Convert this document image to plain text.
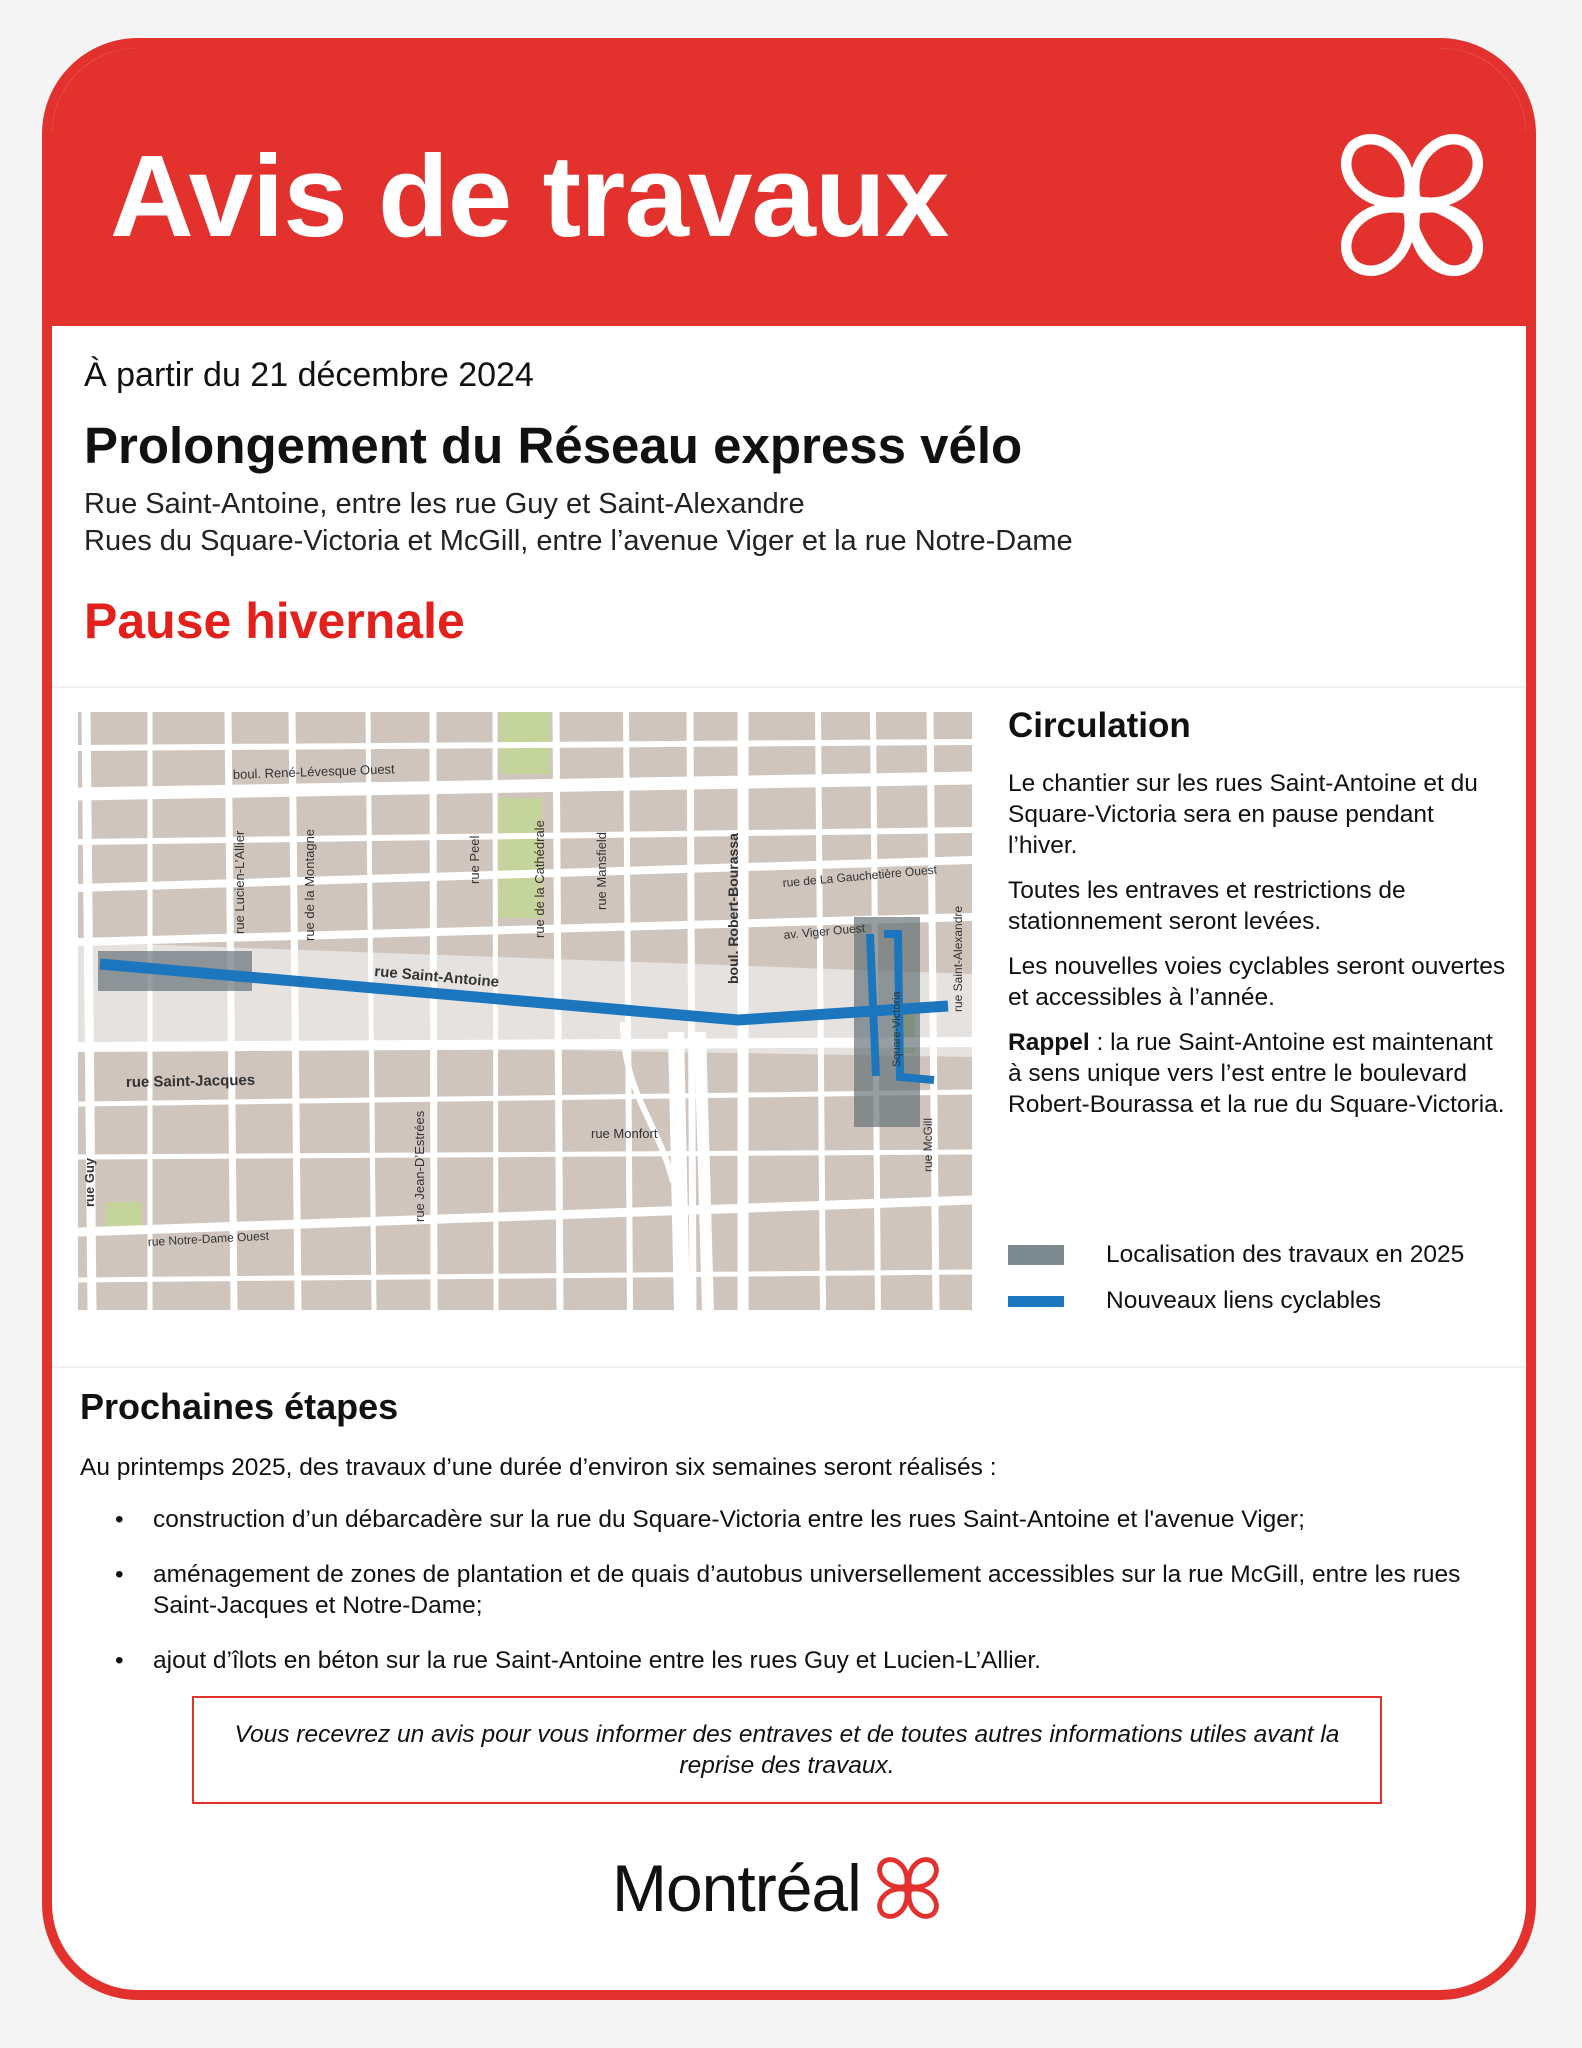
Avis de travaux
À partir du 21 décembre 2024
Prolongement du Réseau express vélo
Rue Saint-Antoine, entre les rue Guy et Saint-Alexandre
Rues du Square-Victoria et McGill, entre l’avenue Viger et la rue Notre-Dame
Pause hivernale
boul. René-Lévesque Ouest
rue Lucien-L’Allier	rue de la Montagne	rue Peel	rue de la Cathédrale	rue Mansfield	boul. Robert-Bourassa	rue de La Gauchetière Ouest
av. Viger Ouest	rue Saint-Alexandre
rue Saint-Antoine
rue Saint-Jacques
rue Jean-D’Estrées	rue Monfort
rue Guy
rue Notre-Dame Ouest
rue McGill
Square-Victoria
Circulation

Le chantier sur les rues Saint-Antoine et du Square-Victoria sera en pause pendant l’hiver.

Toutes les entraves et restrictions de stationnement seront levées.

Les nouvelles voies cyclables seront ouvertes et accessibles à l’année.

Rappel : la rue Saint-Antoine est maintenant à sens unique vers l’est entre le boulevard Robert-Bourassa et la rue du Square-Victoria.

Localisation des travaux en 2025
Nouveaux liens cyclables
Prochaines étapes

Au printemps 2025, des travaux d’une durée d’environ six semaines seront réalisés :

• construction d’un débarcadère sur la rue du Square-Victoria entre les rues Saint-Antoine et l'avenue Viger;
• aménagement de zones de plantation et de quais d’autobus universellement accessibles sur la rue McGill, entre les rues Saint-Jacques et Notre-Dame;
• ajout d’îlots en béton sur la rue Saint-Antoine entre les rues Guy et Lucien-L’Allier.
Vous recevrez un avis pour vous informer des entraves et de toutes autres informations utiles avant la reprise des travaux.
Montréal
